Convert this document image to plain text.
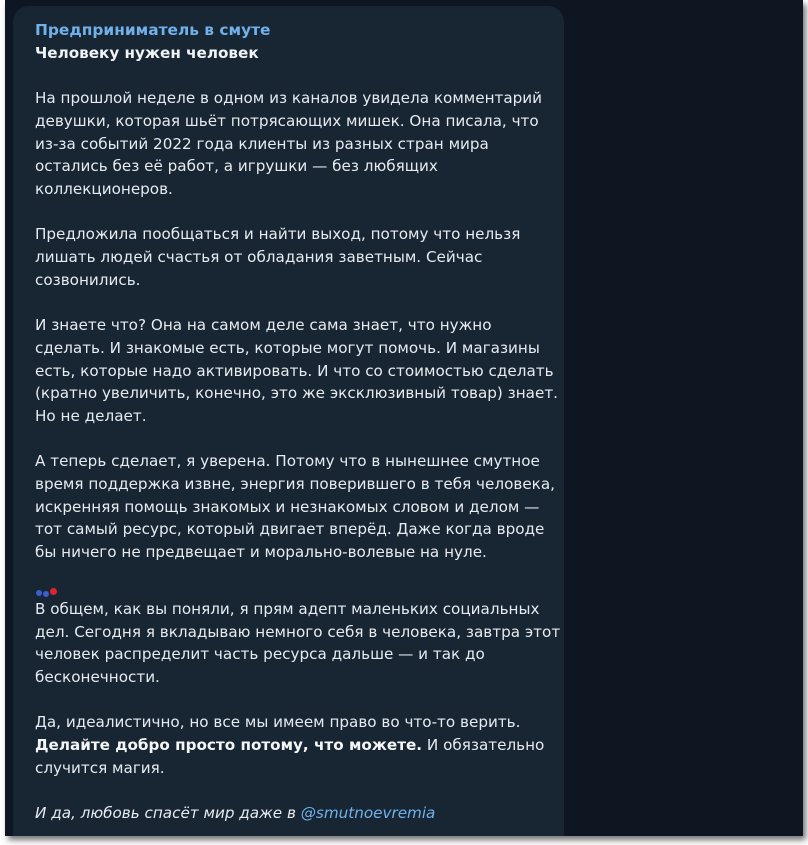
Предприниматель в смуте
Человеку нужен человек
На прошлой неделе в одном из каналов увидела комментарий девушки, которая шьёт потрясающих мишек. Она писала, что из-за событий 2022 года клиенты из разных стран мира остались без её работ, а игрушки — без любящих коллекционеров.
Предложила пообщаться и найти выход, потому что нельзя лишать людей счастья от обладания заветным. Сейчас созвонились.
И знаете что? Она на самом деле сама знает, что нужно сделать. И знакомые есть, которые могут помочь. И магазины есть, которые надо активировать. И что со стоимостью сделать (кратно увеличить, конечно, это же эксклюзивный товар) знает. Но не делает.
А теперь сделает, я уверена. Потому что в нынешнее смутное время поддержка извне, энергия поверившего в тебя человека, искренняя помощь знакомых и незнакомых словом и делом — тот самый ресурс, который двигает вперёд. Даже когда вроде бы ничего не предвещает и морально-волевые на нуле.
В общем, как вы поняли, я прям адепт маленьких социальных дел. Сегодня я вкладываю немного себя в человека, завтра этот человек распределит часть ресурса дальше — и так до бесконечности.
Да, идеалистично, но все мы имеем право во что-то верить.
Делайте добро просто потому, что можете. И обязательно случится магия.
И да, любовь спасёт мир даже в @smutnoevremia
